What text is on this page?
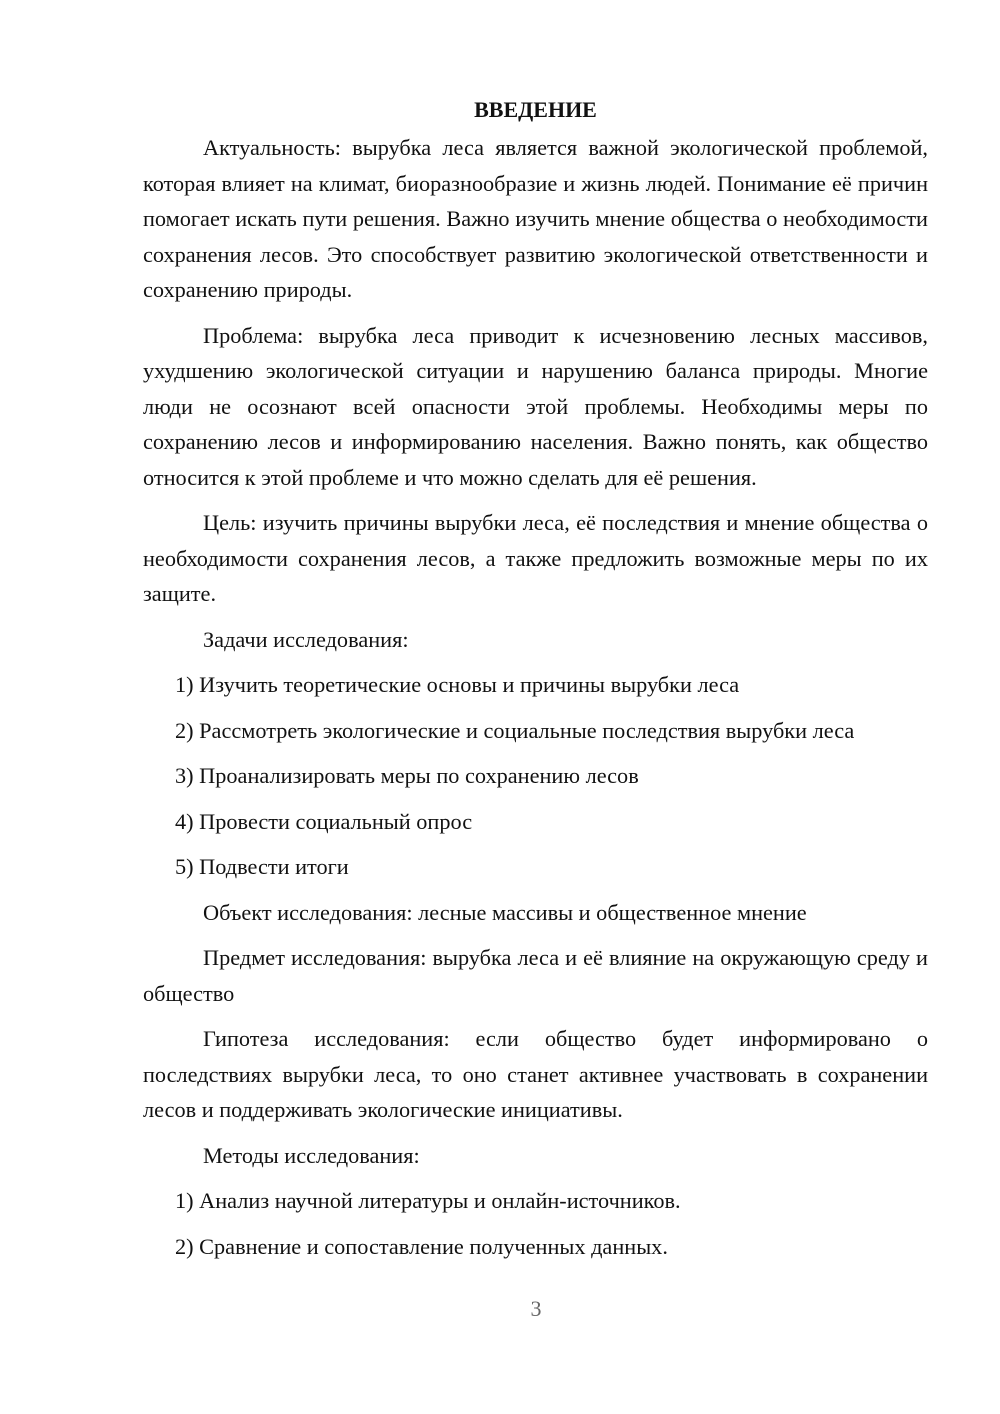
ВВЕДЕНИЕ

Актуальность: вырубка леса является важной экологической проблемой, которая влияет на климат, биоразнообразие и жизнь людей. Понимание её причин помогает искать пути решения. Важно изучить мнение общества о необходимости сохранения лесов. Это способствует развитию экологической ответственности и сохранению природы.

Проблема: вырубка леса приводит к исчезновению лесных массивов, ухудшению экологической ситуации и нарушению баланса природы. Многие люди не осознают всей опасности этой проблемы. Необходимы меры по сохранению лесов и информированию населения. Важно понять, как общество относится к этой проблеме и что можно сделать для её решения.

Цель: изучить причины вырубки леса, её последствия и мнение общества о необходимости сохранения лесов, а также предложить возможные меры по их защите.

Задачи исследования:

1) Изучить теоретические основы и причины вырубки леса

2) Рассмотреть экологические и социальные последствия вырубки леса

3) Проанализировать меры по сохранению лесов

4) Провести социальный опрос

5) Подвести итоги

Объект исследования: лесные массивы и общественное мнение

Предмет исследования: вырубка леса и её влияние на окружающую среду и общество

Гипотеза исследования: если общество будет информировано о последствиях вырубки леса, то оно станет активнее участвовать в сохранении лесов и поддерживать экологические инициативы.

Методы исследования:

1) Анализ научной литературы и онлайн-источников.

2) Сравнение и сопоставление полученных данных.

3
